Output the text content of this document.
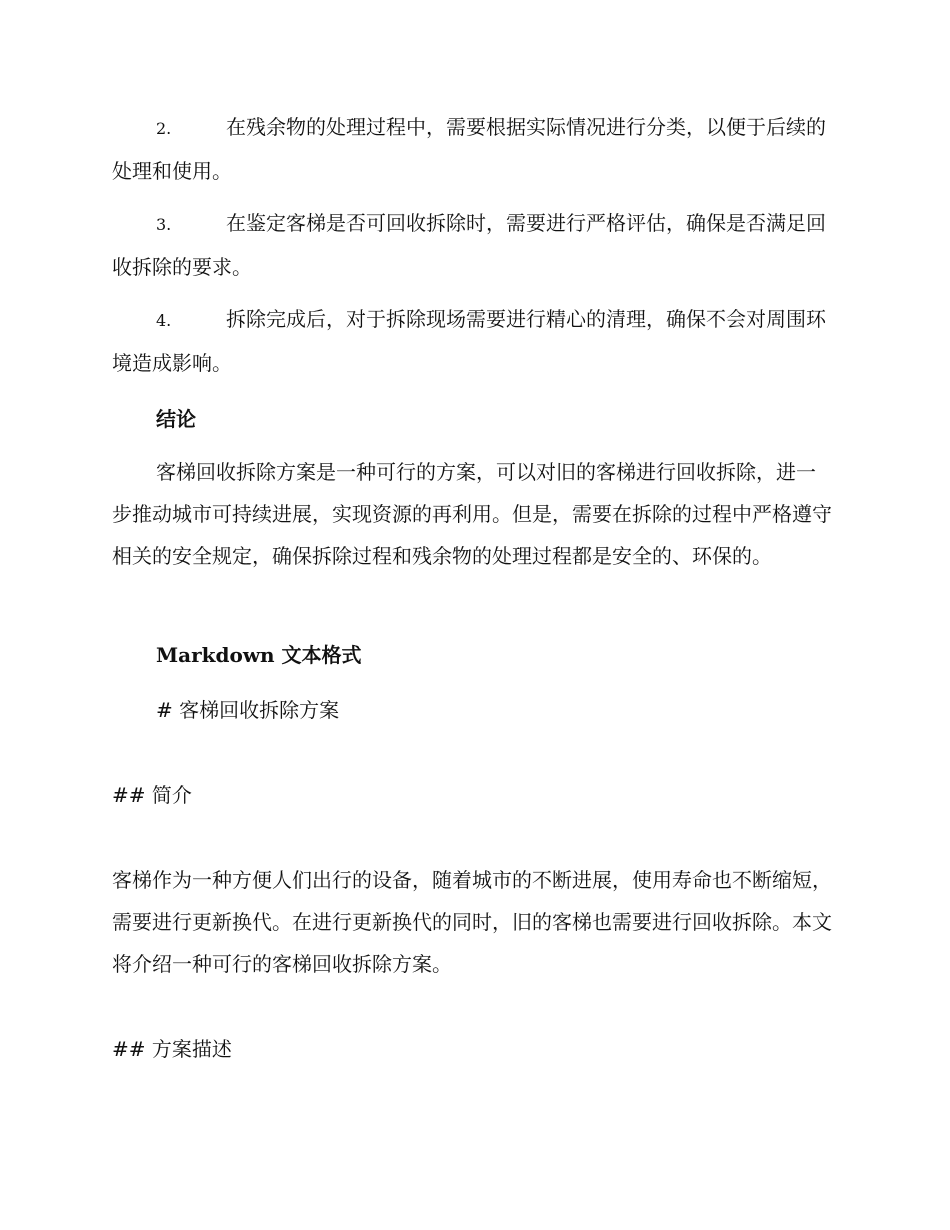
2.	在残余物的处理过程中，需要根据实际情况进行分类，以便于后续的处理和使用。
3.	在鉴定客梯是否可回收拆除时，需要进行严格评估，确保是否满足回收拆除的要求。
4.	拆除完成后，对于拆除现场需要进行精心的清理，确保不会对周围环境造成影响。
结论
客梯回收拆除方案是一种可行的方案，可以对旧的客梯进行回收拆除，进一步推动城市可持续进展，实现资源的再利用。但是，需要在拆除的过程中严格遵守相关的安全规定，确保拆除过程和残余物的处理过程都是安全的、环保的。
Markdown 文本格式
# 客梯回收拆除方案
## 简介
客梯作为一种方便人们出行的设备，随着城市的不断进展，使用寿命也不断缩短，需要进行更新换代。在进行更新换代的同时，旧的客梯也需要进行回收拆除。本文将介绍一种可行的客梯回收拆除方案。
## 方案描述
